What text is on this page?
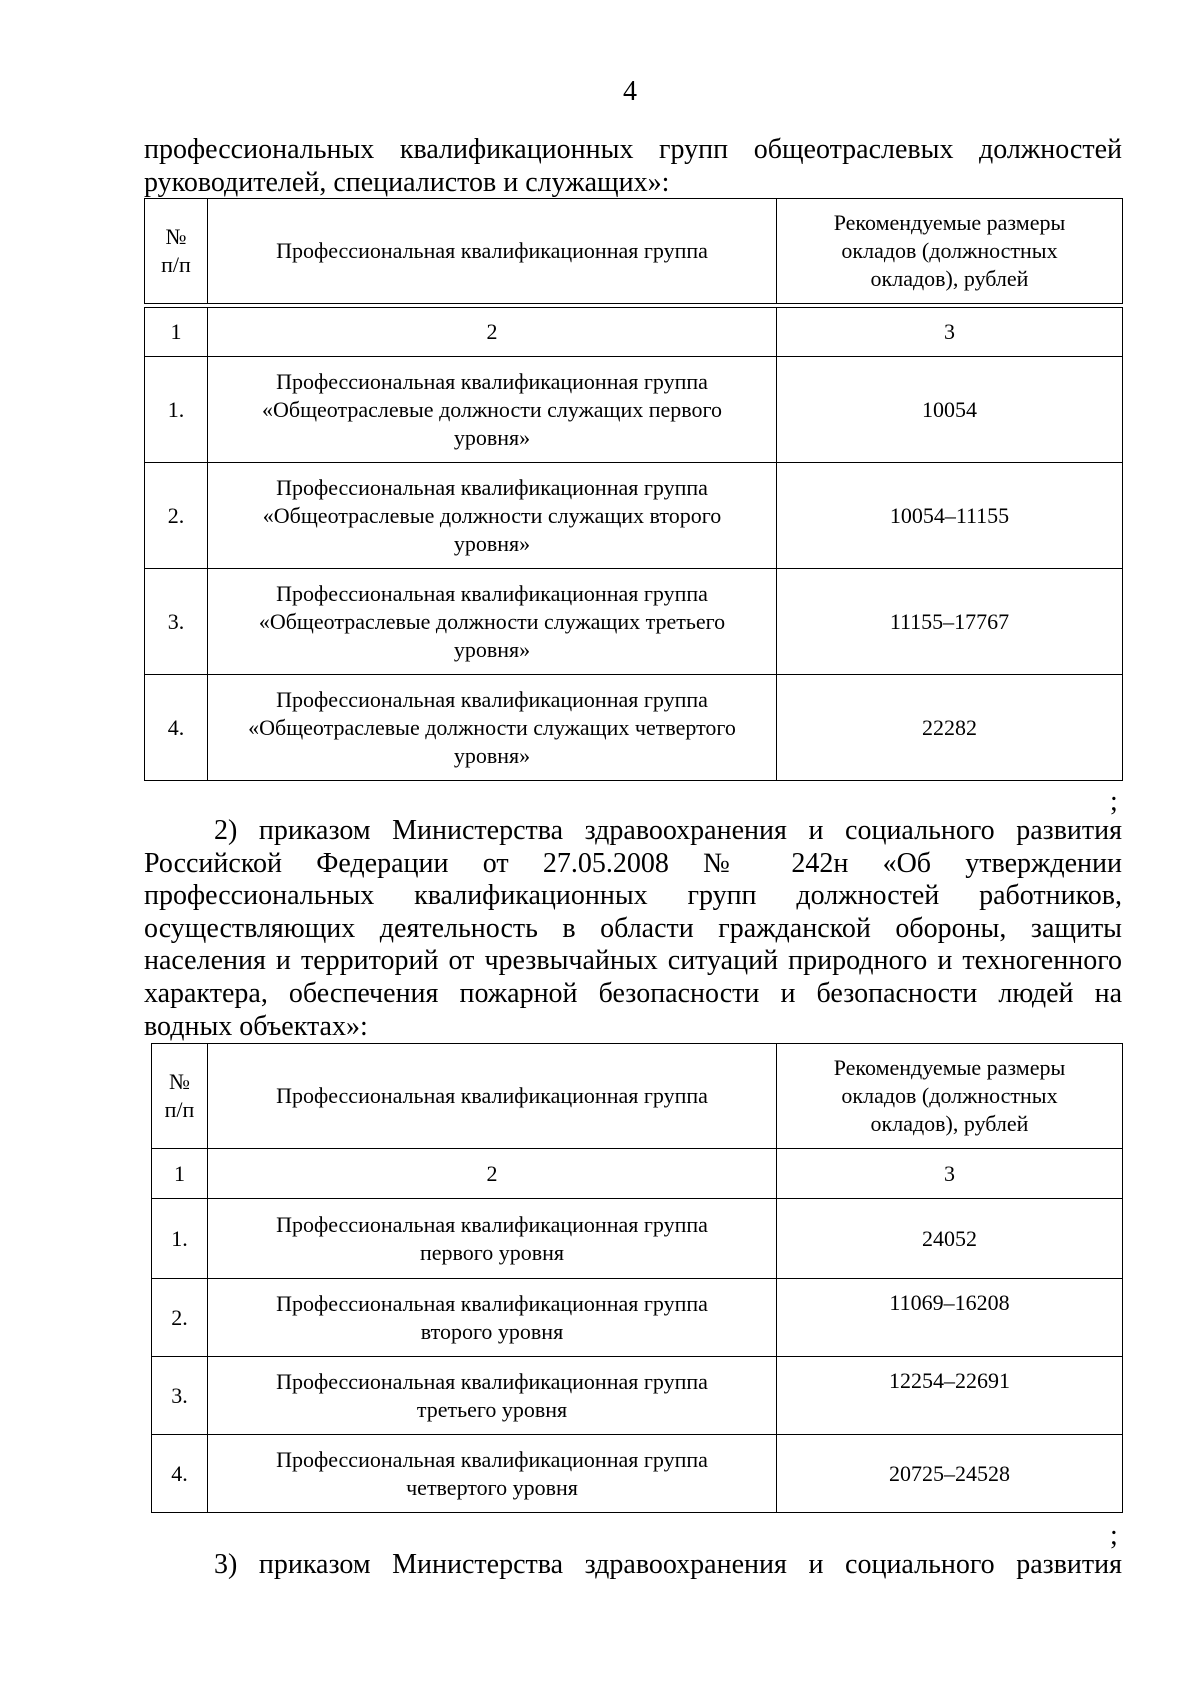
4
профессиональных квалификационных групп общеотраслевых должностей
руководителей, специалистов и служащих»:
№ п/п	Профессиональная квалификационная группа	Рекомендуемые размеры окладов (должностных окладов), рублей
1	2	3
1.	Профессиональная квалификационная группа «Общеотраслевые должности служащих первого уровня»	10054
2.	Профессиональная квалификационная группа «Общеотраслевые должности служащих второго уровня»	10054–11155
3.	Профессиональная квалификационная группа «Общеотраслевые должности служащих третьего уровня»	11155–17767
4.	Профессиональная квалификационная группа «Общеотраслевые должности служащих четвертого уровня»	22282
;
2) приказом Министерства здравоохранения и социального развития
Российской Федерации от 27.05.2008 № 242н «Об утверждении
профессиональных квалификационных групп должностей работников,
осуществляющих деятельность в области гражданской обороны, защиты
населения и территорий от чрезвычайных ситуаций природного и техногенного
характера, обеспечения пожарной безопасности и безопасности людей на
водных объектах»:
№ п/п	Профессиональная квалификационная группа	Рекомендуемые размеры окладов (должностных окладов), рублей
1	2	3
1.	Профессиональная квалификационная группа первого уровня	24052
2.	Профессиональная квалификационная группа второго уровня	11069–16208
3.	Профессиональная квалификационная группа третьего уровня	12254–22691
4.	Профессиональная квалификационная группа четвертого уровня	20725–24528
;
3) приказом Министерства здравоохранения и социального развития
